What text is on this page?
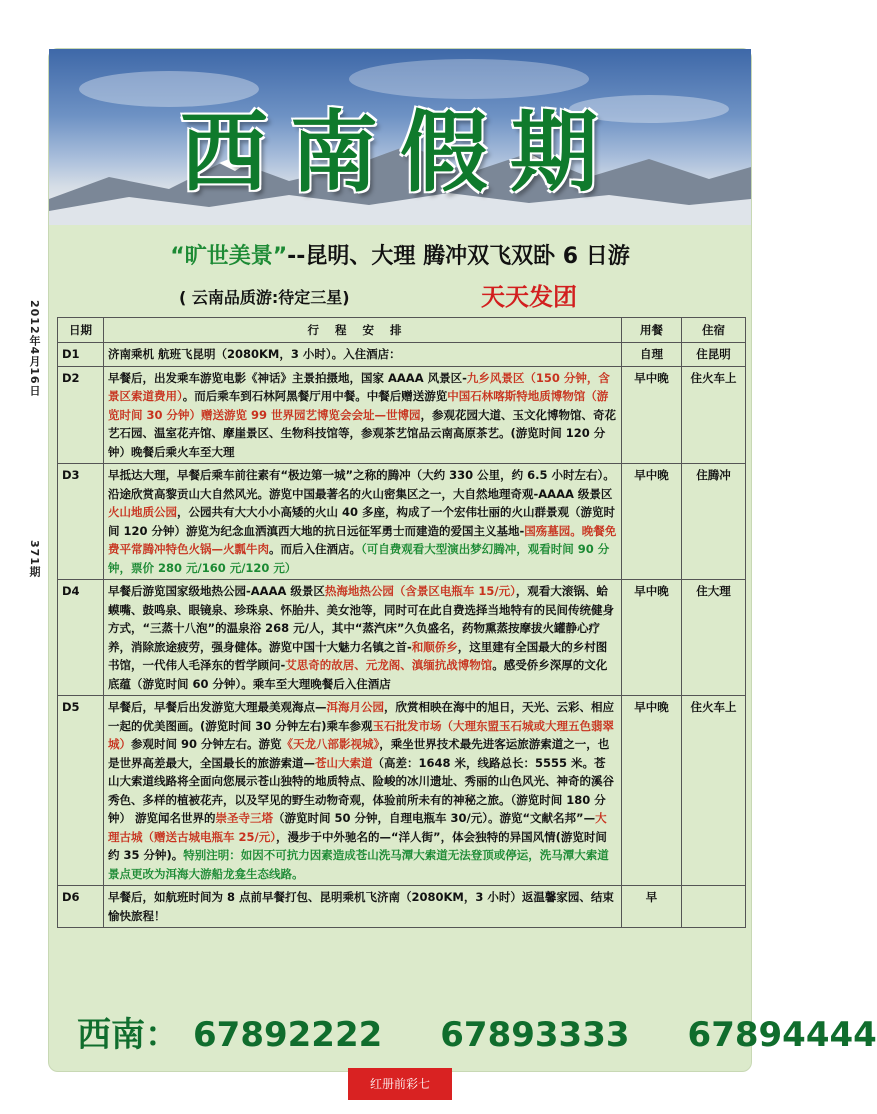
2012年4月16日
371期
西南假期
“旷世美景”--昆明、大理 腾冲双飞双卧 6 日游
( 云南品质游:待定三星)	天天发团
日期	行程安排	用餐	住宿
D1	济南乘机 航班飞昆明（2080KM，3 小时）。入住酒店：	自理	住昆明
D2	早餐后，出发乘车游览电影《神话》主景拍摄地，国家 AAAA 风景区-九乡风景区（150 分钟，含景区索道费用）。而后乘车到石林阿黑餐厅用中餐。中餐后赠送游览中国石林喀斯特地质博物馆（游览时间 30 分钟）赠送游览 99 世界园艺博览会会址—世博园，参观花园大道、玉文化博物馆、奇花艺石园、温室花卉馆、摩崖景区、生物科技馆等，参观茶艺馆品云南高原茶艺。(游览时间 120 分钟）晚餐后乘火车至大理	早中晚	住火车上
D3	早抵达大理，早餐后乘车前往素有“极边第一城”之称的腾冲（大约 330 公里，约 6.5 小时左右）。沿途欣赏高黎贡山大自然风光。游览中国最著名的火山密集区之一，大自然地理奇观-AAAA 级景区火山地质公园，公园共有大大小小高矮的火山 40 多座，构成了一个宏伟壮丽的火山群景观（游览时间 120 分钟）游览为纪念血洒滇西大地的抗日远征军勇士而建造的爱国主义基地-国殇墓园。晚餐免费平常腾冲特色火锅—火瓢牛肉。而后入住酒店。（可自费观看大型演出梦幻腾冲，观看时间 90 分钟，票价 280 元/160 元/120 元）	早中晚	住腾冲
D4	早餐后游览国家级地热公园-AAAA 级景区热海地热公园（含景区电瓶车 15/元），观看大滚锅、蛤蟆嘴、鼓鸣泉、眼镜泉、珍珠泉、怀胎井、美女池等，同时可在此自费选择当地特有的民间传统健身方式，“三蒸十八泡”的温泉浴 268 元/人，其中“蒸汽床”久负盛名，药物熏蒸按摩拔火罐静心疗养，消除旅途疲劳，强身健体。游览中国十大魅力名镇之首-和顺侨乡，这里建有全国最大的乡村图书馆，一代伟人毛泽东的哲学顾问-艾思奇的故居、元龙阁、滇缅抗战博物馆。感受侨乡深厚的文化底蕴（游览时间 60 分钟）。乘车至大理晚餐后入住酒店	早中晚	住大理
D5	早餐后，早餐后出发游览大理最美观海点—洱海月公园，欣赏相映在海中的旭日，天光、云彩、相应一起的优美图画。(游览时间 30 分钟左右)乘车参观玉石批发市场（大理东盟玉石城或大理五色翡翠城）参观时间 90 分钟左右。游览《天龙八部影视城》，乘坐世界技术最先进客运旅游索道之一，也是世界高差最大，全国最长的旅游索道—苍山大索道（高差：1648 米，线路总长：5555 米。苍山大索道线路将全面向您展示苍山独特的地质特点、险峻的冰川遗址、秀丽的山色风光、神奇的溪谷秀色、多样的植被花卉，以及罕见的野生动物奇观，体验前所未有的神秘之旅。（游览时间 180 分钟） 游览闻名世界的崇圣寺三塔（游览时间 50 分钟，自理电瓶车 30/元）。游览“文献名邦”—大理古城（赠送古城电瓶车 25/元），漫步于中外驰名的—“洋人街”，体会独特的异国风情(游览时间约 35 分钟)。特别注明：如因不可抗力因素造成苍山洗马潭大索道无法登顶或停运，洗马潭大索道景点更改为洱海大游船龙龛生态线路。	早中晚	住火车上
D6	早餐后，如航班时间为 8 点前早餐打包、昆明乘机飞济南（2080KM，3 小时）返温馨家园、结束愉快旅程！	早	
西南： 67892222 67893333 67894444
红册前彩七
